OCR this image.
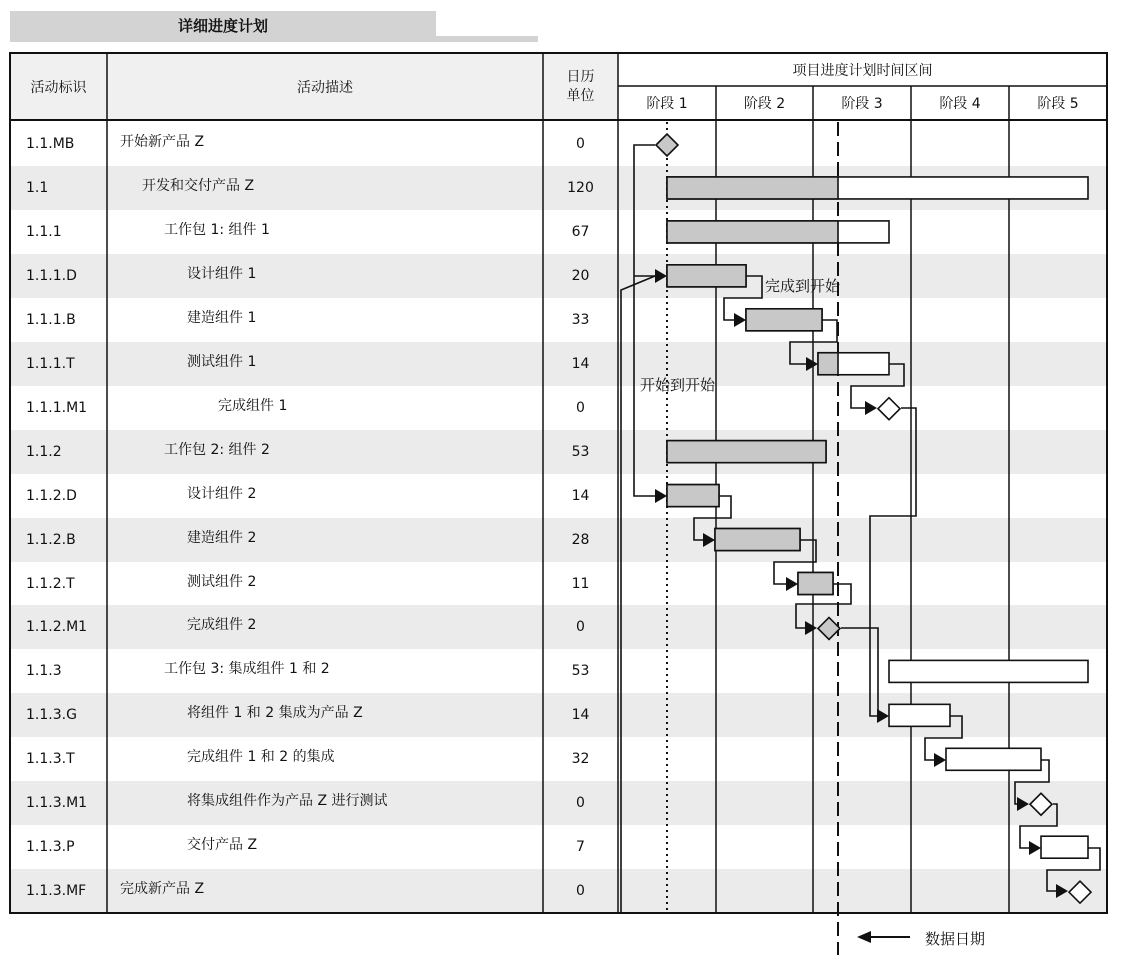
详细进度计划
活动标识	活动描述
日历
单位
项目进度计划时间区间
阶段 1	阶段 2	阶段 3	阶段 4	阶段 5
1.1.MB	开始新产品 Z	0
1.1	开发和交付产品 Z	120
1.1.1	工作包 1: 组件 1	67
1.1.1.D	设计组件 1	20
1.1.1.B	建造组件 1	33
1.1.1.T	测试组件 1	14
1.1.1.M1	完成组件 1	0
1.1.2	工作包 2: 组件 2	53
1.1.2.D	设计组件 2	14
1.1.2.B	建造组件 2	28
1.1.2.T	测试组件 2	11
1.1.2.M1	完成组件 2	0
1.1.3	工作包 3: 集成组件 1 和 2	53
1.1.3.G	将组件 1 和 2 集成为产品 Z	14
1.1.3.T	完成组件 1 和 2 的集成	32
1.1.3.M1	将集成组件作为产品 Z 进行测试	0
1.1.3.P	交付产品 Z	7
1.1.3.MF 完成新产品 Z	0
完成到开始
开始到开始
数据日期
